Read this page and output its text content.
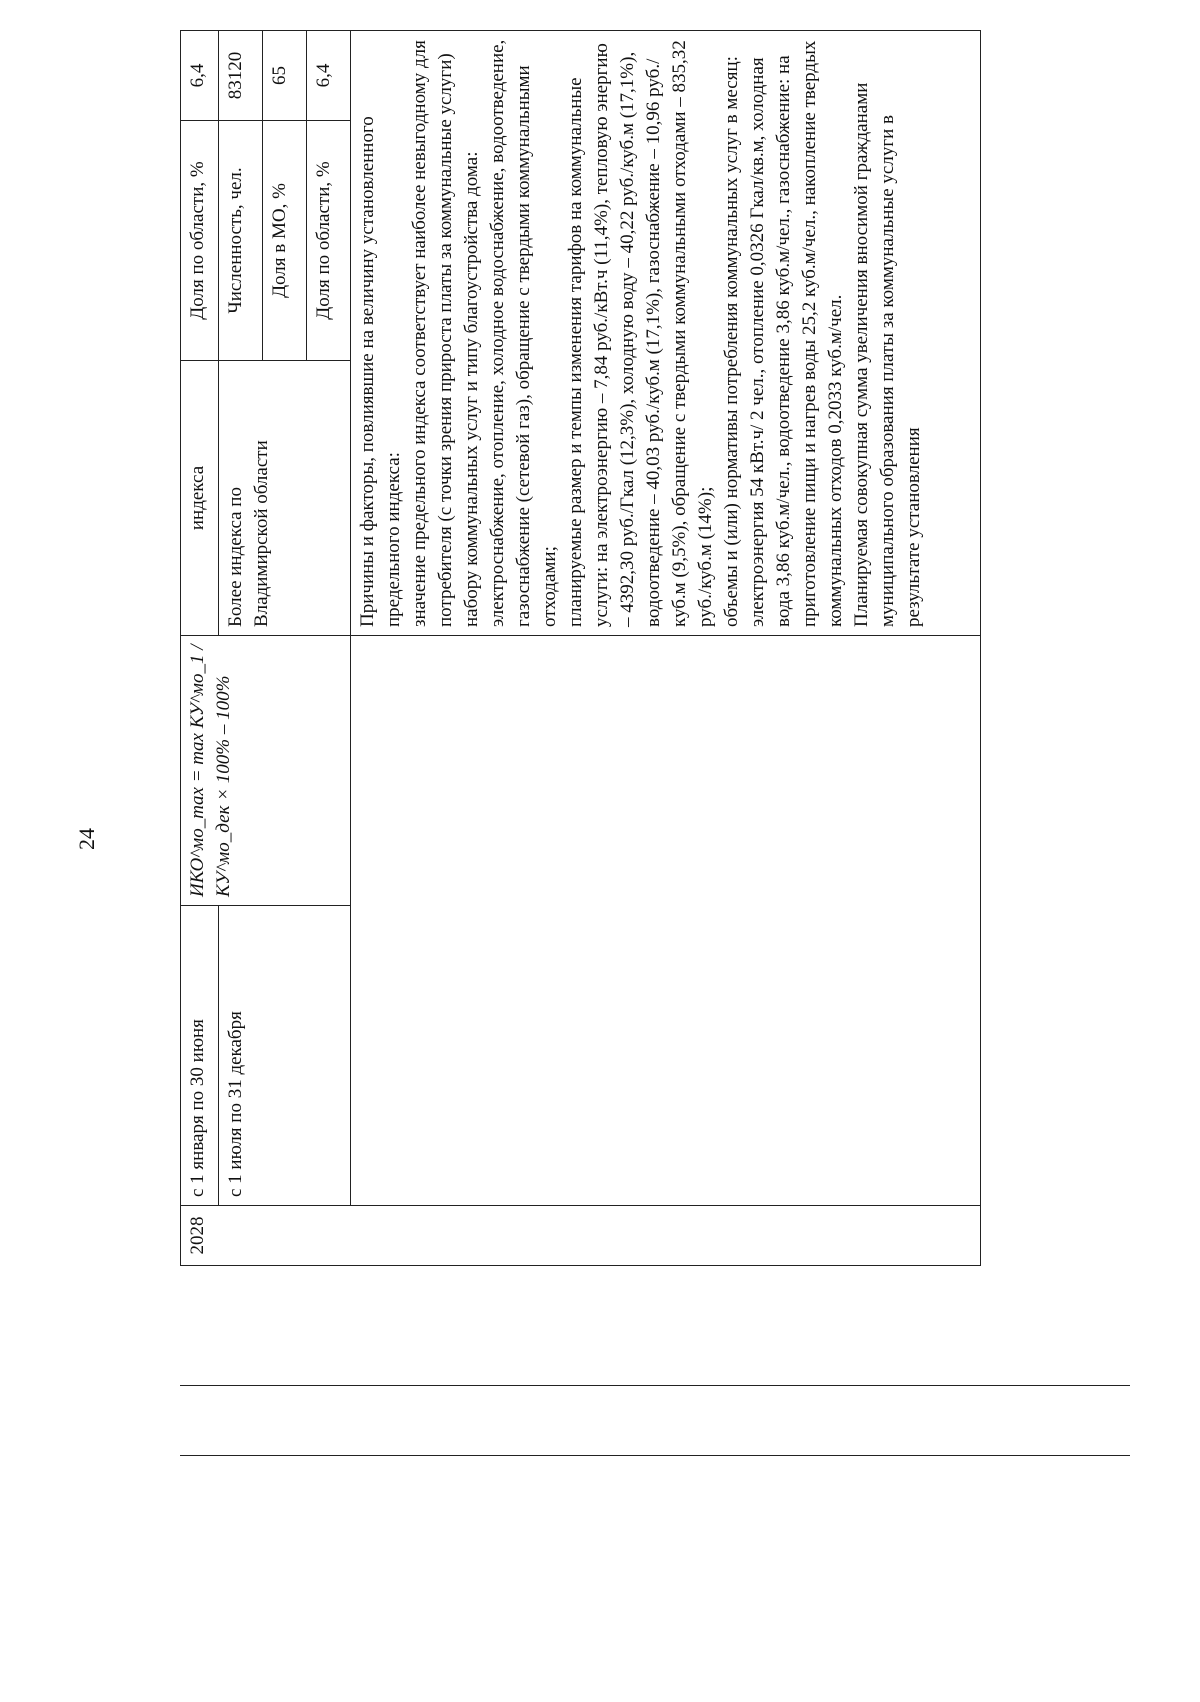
24
2028	с 1 января по 30 июня	ИКО^мо_max = max КУ^мо_1 / КУ^мо_дек × 100% – 100%	индекса	Доля по области, %	6,4
	с 1 июля по 31 декабря		Более индекса по Владимирской области	Численность, чел.	83120
				Доля в МО, %	65
				Доля по области, %	6,4

			Причины и факторы, повлиявшие на величину установленного предельного индекса: значение предельного индекса соответствует наиболее невыгодному для потребителя (с точки зрения прироста платы за коммунальные услуги) набору коммунальных услуг и типу благоустройства дома: электроснабжение, отопление, холодное водоснабжение, водоотведение, газоснабжение (сетевой газ), обращение с твердыми коммунальными отходами; планируемые размер и темпы изменения тарифов на коммунальные услуги: на электроэнергию – 7,84 руб./кВт.ч (11,4%), тепловую энергию – 4392,30 руб./Гкал (12,3%), холодную воду – 40,22 руб./куб.м (17,1%), водоотведение – 40,03 руб./куб.м (17,1%), газоснабжение – 10,96 руб./куб.м (9,5%), обращение с твердыми коммунальными отходами – 835,32 руб./куб.м (14%); объемы и (или) нормативы потребления коммунальных услуг в месяц: электроэнергия 54 кВт.ч/ 2 чел., отопление 0,0326 Гкал/кв.м, холодная вода 3,86 куб.м/чел., водоотведение 3,86 куб.м/чел., газоснабжение: на приготовление пищи и нагрев воды 25,2 куб.м/чел., накопление твердых коммунальных отходов 0,2033 куб.м/чел. Планируемая совокупная сумма увеличения вносимой гражданами муниципального образования платы за коммунальные услуги в результате установления		
